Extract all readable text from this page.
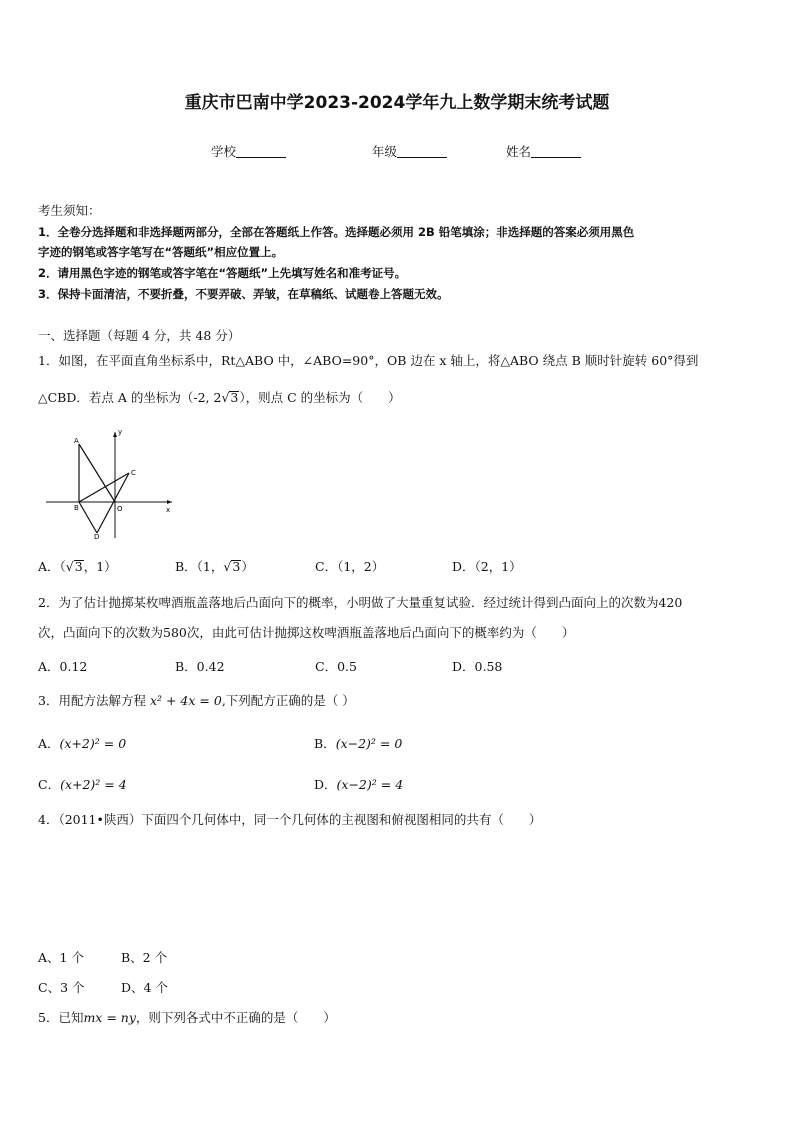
重庆市巴南中学2023-2024学年九上数学期末统考试题
学校	年级	姓名
考生须知：
1．全卷分选择题和非选择题两部分，全部在答题纸上作答。选择题必须用 2B 铅笔填涂；非选择题的答案必须用黑色
字迹的钢笔或答字笔写在“答题纸”相应位置上。
2．请用黑色字迹的钢笔或答字笔在“答题纸”上先填写姓名和准考证号。
3．保持卡面清洁，不要折叠，不要弄破、弄皱，在草稿纸、试题卷上答题无效。
一、选择题（每题 4 分，共 48 分）
1．如图，在平面直角坐标系中，Rt△ABO 中，∠ABO=90°，OB 边在 x 轴上，将△ABO 绕点 B 顺时针旋转 60°得到
△CBD．若点 A 的坐标为（-2, 2√3），则点 C 的坐标为（　　）
A
y
C
B	O	x
D
A．（√3，1）	B．（1，√3）	C．（1，2）	D．（2，1）
2．为了估计抛掷某枚啤酒瓶盖落地后凸面向下的概率，小明做了大量重复试验．经过统计得到凸面向上的次数为420
次，凸面向下的次数为580次，由此可估计抛掷这枚啤酒瓶盖落地后凸面向下的概率约为（　　）
A．0.12	B．0.42	C．0.5	D．0.58
3．用配方法解方程 x² + 4x = 0,下列配方正确的是（ ）
A．(x+2)² = 0	B．(x−2)² = 0
C．(x+2)² = 4	D．(x−2)² = 4
4．（2011•陕西）下面四个几何体中，同一个几何体的主视图和俯视图相同的共有（　　）
A、1 个	B、2 个
C、3 个	D、4 个
5．已知mx = ny，则下列各式中不正确的是（　　）
